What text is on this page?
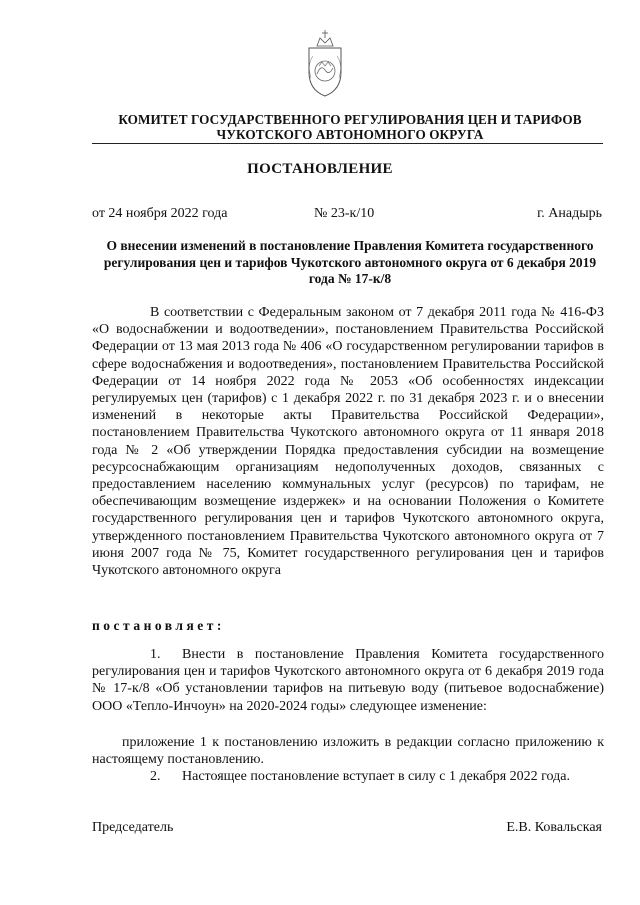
КОМИТЕТ ГОСУДАРСТВЕННОГО РЕГУЛИРОВАНИЯ ЦЕН И ТАРИФОВ
ЧУКОТСКОГО АВТОНОМНОГО ОКРУГА
ПОСТАНОВЛЕНИЕ
от 24 ноября 2022 года	№ 23-к/10	г. Анадырь
О внесении изменений в постановление Правления Комитета государственного регулирования цен и тарифов Чукотского автономного округа от 6 декабря 2019 года № 17-к/8
В соответствии с Федеральным законом от 7 декабря 2011 года № 416-ФЗ «О водоснабжении и водоотведении», постановлением Правительства Российской Федерации от 13 мая 2013 года № 406 «О государственном регулировании тарифов в сфере водоснабжения и водоотведения», постановлением Правительства Российской Федерации от 14 ноября 2022 года № 2053 «Об особенностях индексации регулируемых цен (тарифов) с 1 декабря 2022 г. по 31 декабря 2023 г. и о внесении изменений в некоторые акты Правительства Российской Федерации», постановлением Правительства Чукотского автономного округа от 11 января 2018 года № 2 «Об утверждении Порядка предоставления субсидии на возмещение ресурсоснабжающим организациям недополученных доходов, связанных с предоставлением населению коммунальных услуг (ресурсов) по тарифам, не обеспечивающим возмещение издержек» и на основании Положения о Комитете государственного регулирования цен и тарифов Чукотского автономного округа, утвержденного постановлением Правительства Чукотского автономного округа от 7 июня 2007 года № 75, Комитет государственного регулирования цен и тарифов Чукотского автономного округа
постановляет:
1. Внести в постановление Правления Комитета государственного регулирования цен и тарифов Чукотского автономного округа от 6 декабря 2019 года № 17-к/8 «Об установлении тарифов на питьевую воду (питьевое водоснабжение) ООО «Тепло-Инчоун» на 2020-2024 годы» следующее изменение:
приложение 1 к постановлению изложить в редакции согласно приложению к настоящему постановлению.
2. Настоящее постановление вступает в силу с 1 декабря 2022 года.
Председатель	Е.В. Ковальская
